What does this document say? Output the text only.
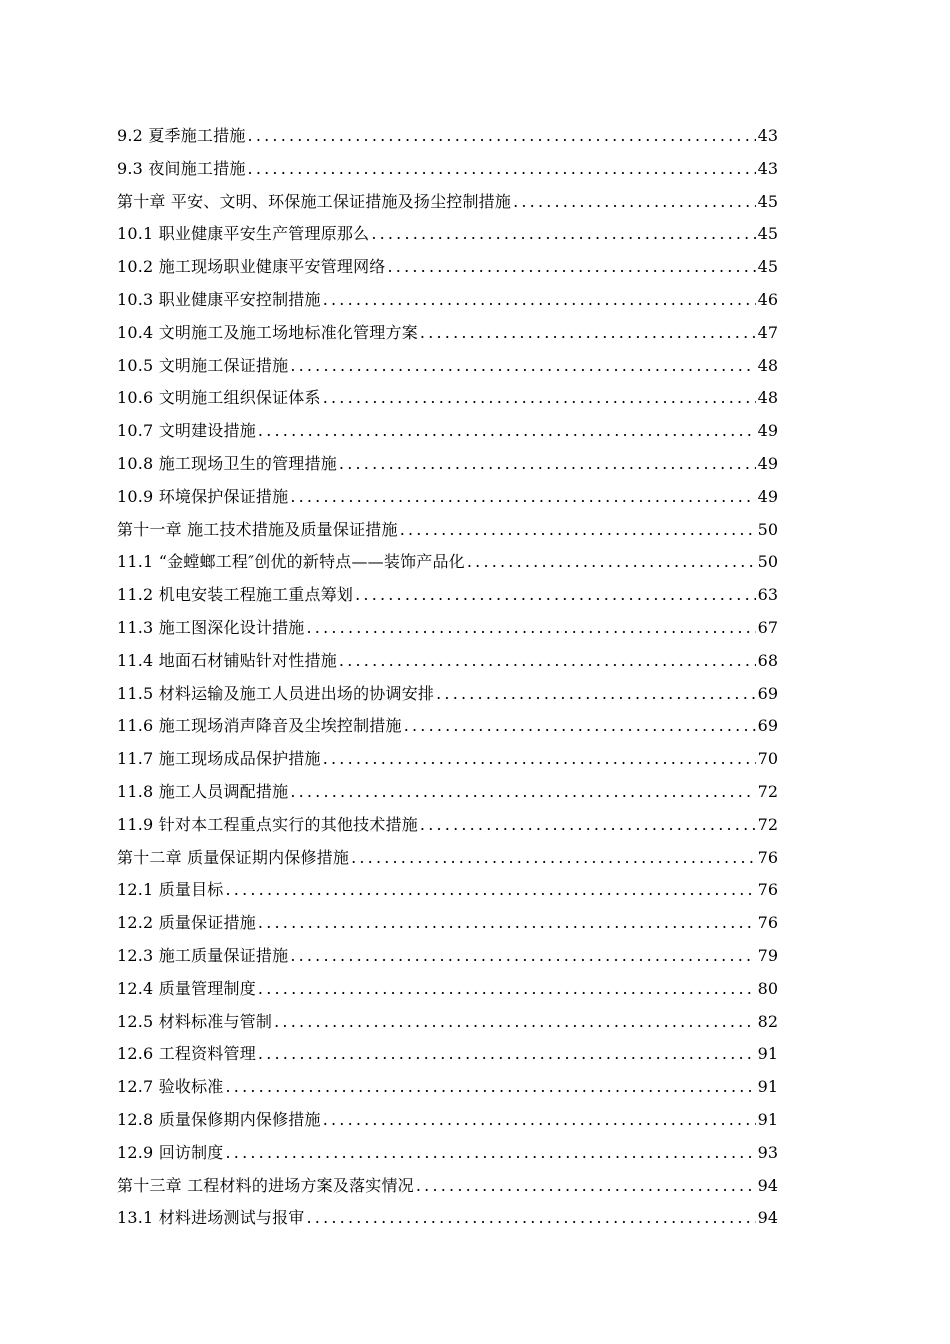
9.2 夏季施工措施 .....	43
9.3 夜间施工措施 .....	43
第十章 平安、文明、环保施工保证措施及扬尘控制措施 .....	45
10.1 职业健康平安生产管理原那么 .....	45
10.2 施工现场职业健康平安管理网络 .....	45
10.3 职业健康平安控制措施 .....	46
10.4 文明施工及施工场地标准化管理方案 .....	47
10.5 文明施工保证措施 .....	48
10.6 文明施工组织保证体系 .....	48
10.7 文明建设措施 .....	49
10.8 施工现场卫生的管理措施 .....	49
10.9 环境保护保证措施 .....	49
第十一章 施工技术措施及质量保证措施 .....	50
11.1 “金螳螂工程″创优的新特点——装饰产品化 .....	50
11.2 机电安装工程施工重点筹划 .....	63
11.3 施工图深化设计措施 .....	67
11.4 地面石材铺贴针对性措施 .....	68
11.5 材料运输及施工人员进出场的协调安排 .....	69
11.6 施工现场消声降音及尘埃控制措施 .....	69
11.7 施工现场成品保护措施 .....	70
11.8 施工人员调配措施 .....	72
11.9 针对本工程重点实行的其他技术措施 .....	72
第十二章 质量保证期内保修措施 .....	76
12.1 质量目标 .....	76
12.2 质量保证措施 .....	76
12.3 施工质量保证措施 .....	79
12.4 质量管理制度 .....	80
12.5 材料标准与管制 .....	82
12.6 工程资料管理 .....	91
12.7 验收标准 .....	91
12.8 质量保修期内保修措施 .....	91
12.9 回访制度 .....	93
第十三章 工程材料的进场方案及落实情况 .....	94
13.1 材料进场测试与报审 .....	94
